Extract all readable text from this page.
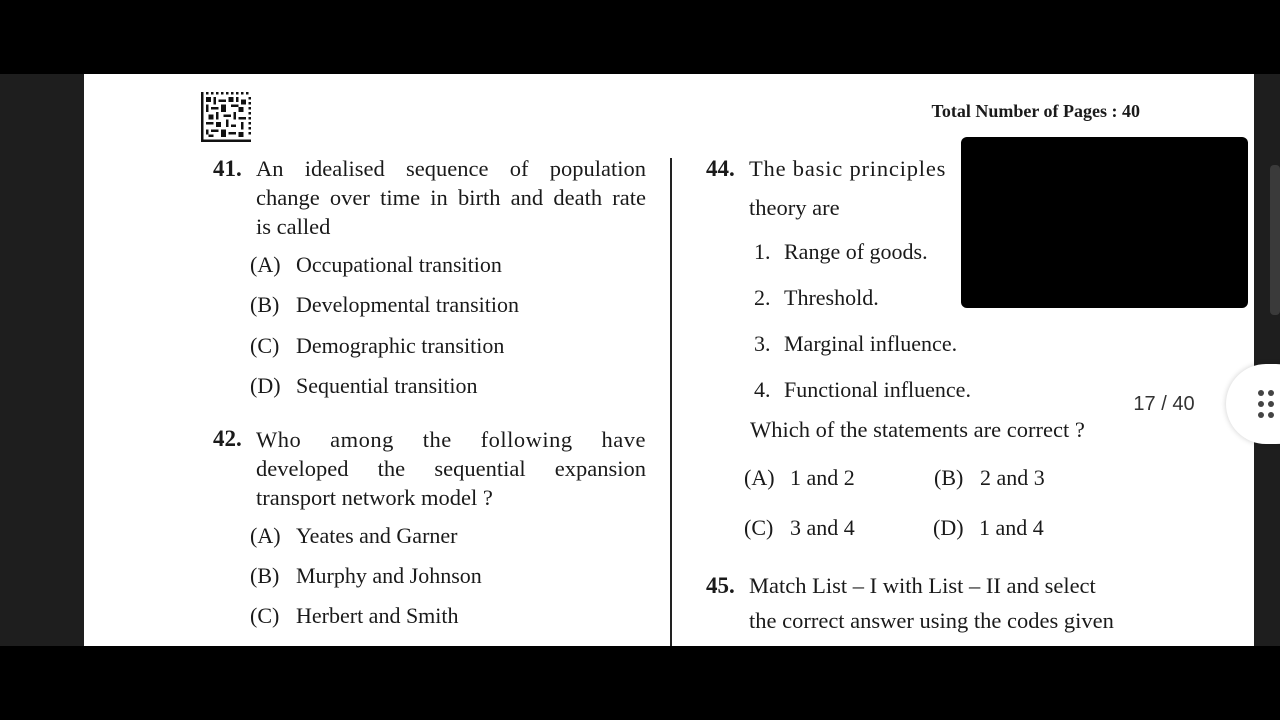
Total Number of Pages : 40
41. An idealised sequence of population
change over time in birth and death rate
is called
(A) Occupational transition
(B) Developmental transition
(C) Demographic transition
(D) Sequential transition
42. Who among the following have
developed the sequential expansion
transport network model ?
(A) Yeates and Garner
(B) Murphy and Johnson
(C) Herbert and Smith
44. The basic principles
theory are
1. Range of goods.
2. Threshold.
3. Marginal influence.
4. Functional influence.
Which of the statements are correct ?
(A) 1 and 2	(B) 2 and 3
(C) 3 and 4	(D) 1 and 4
45. Match List – I with List – II and select
the correct answer using the codes given
17 / 40
